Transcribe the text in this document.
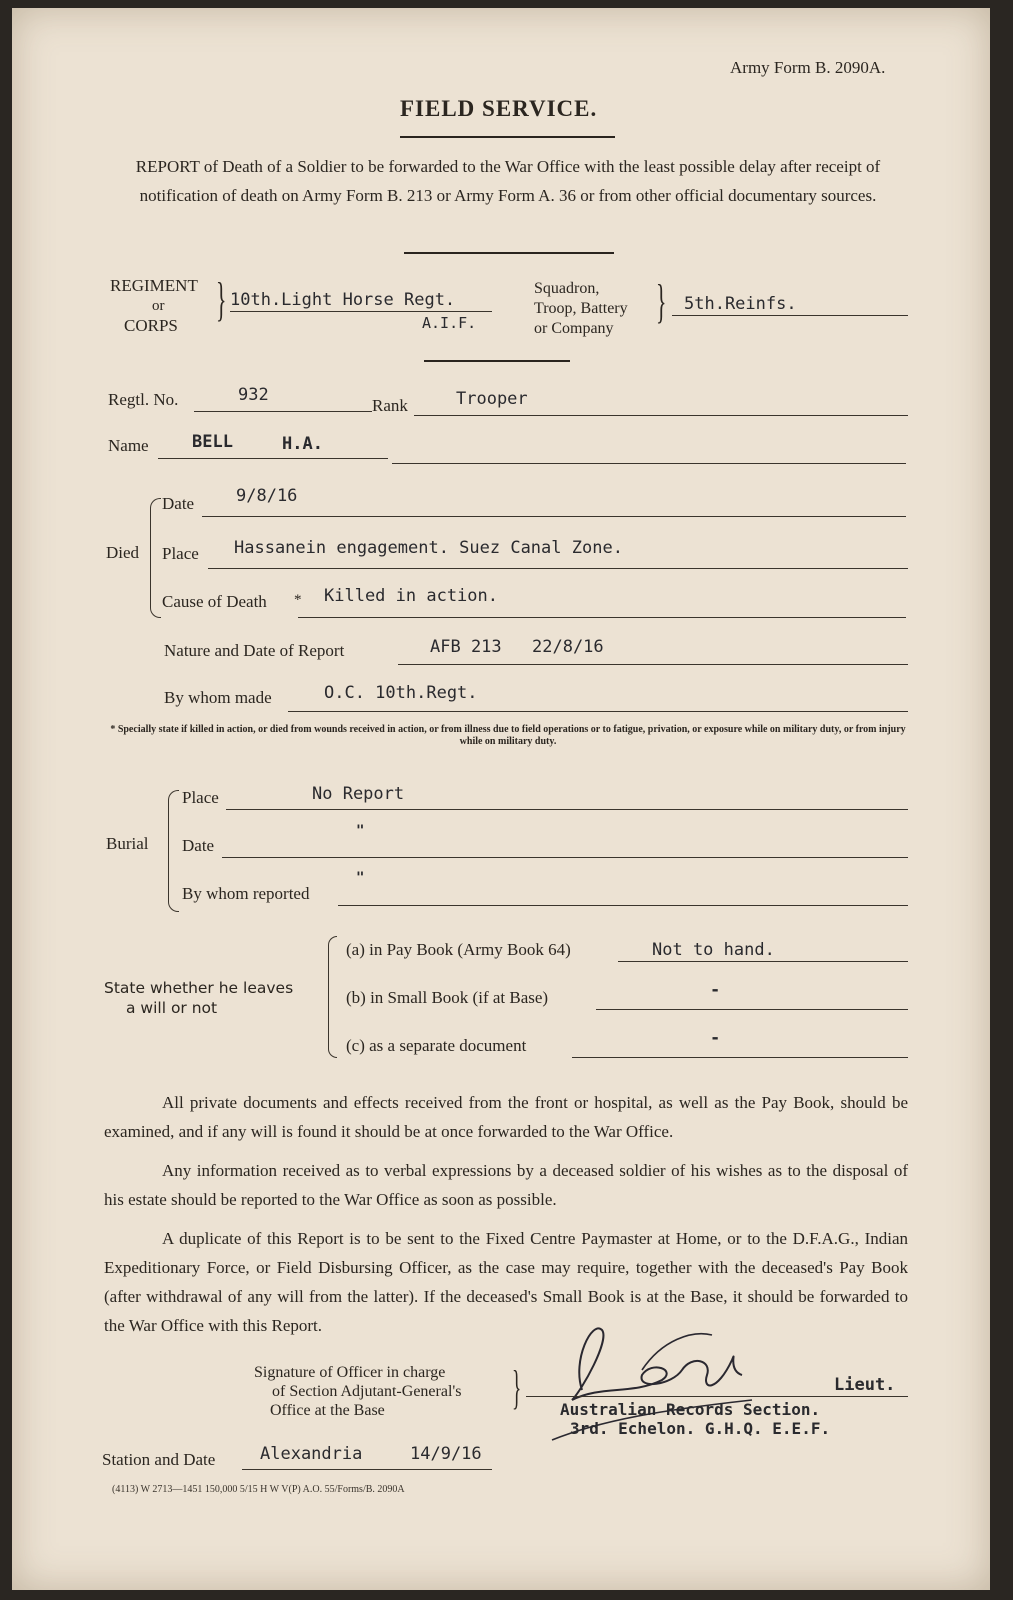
Army Form B. 2090A.
FIELD SERVICE.
REPORT of Death of a Soldier to be forwarded to the War Office with the least possible delay after receipt of notification of death on Army Form B. 213 or Army Form A. 36 or from other official documentary sources.
REGIMENT
or
CORPS } 10th.Light Horse Regt.
A.I.F.
Squadron,
Troop, Battery
or Company
} 5th.Reinfs.
Regtl. No.	932
Rank	Trooper
Name	BELL	H.A.
Died
Date 9/8/16
Place Hassanein engagement. Suez Canal Zone.
Cause of Death * Killed in action.
Nature and Date of Report	AFB 213 22/8/16
By whom made	O.C. 10th.Regt.
* Specially state if killed in action, or died from wounds received in action, or from illness due to field operations or to fatigue, privation, or exposure while on military duty, or from injury while on military duty.
Burial
Place	No Report
Date
"
By whom reported
"
State whether he leaves
a will or not
(a) in Pay Book (Army Book 64)	Not to hand.
(b) in Small Book (if at Base)	-
(c) as a separate document	-
All private documents and effects received from the front or hospital, as well as the Pay Book, should be examined, and if any will is found it should be at once forwarded to the War Office.
Any information received as to verbal expressions by a deceased soldier of his wishes as to the disposal of his estate should be reported to the War Office as soon as possible.
A duplicate of this Report is to be sent to the Fixed Centre Paymaster at Home, or to the D.F.A.G., Indian Expeditionary Force, or Field Disbursing Officer, as the case may require, together with the deceased's Pay Book (after withdrawal of any will from the latter). If the deceased's Small Book is at the Base, it should be forwarded to the War Office with this Report.
Signature of Officer in charge
of Section Adjutant-General's
Office at the Base	}	Lieut.
Australian Records Section.
3rd. Echelon. G.H.Q. E.E.F.
Station and Date	Alexandria	14/9/16
(4113) W 2713—1451 150,000 5/15 H W V(P) A.O. 55/Forms/B. 2090A
